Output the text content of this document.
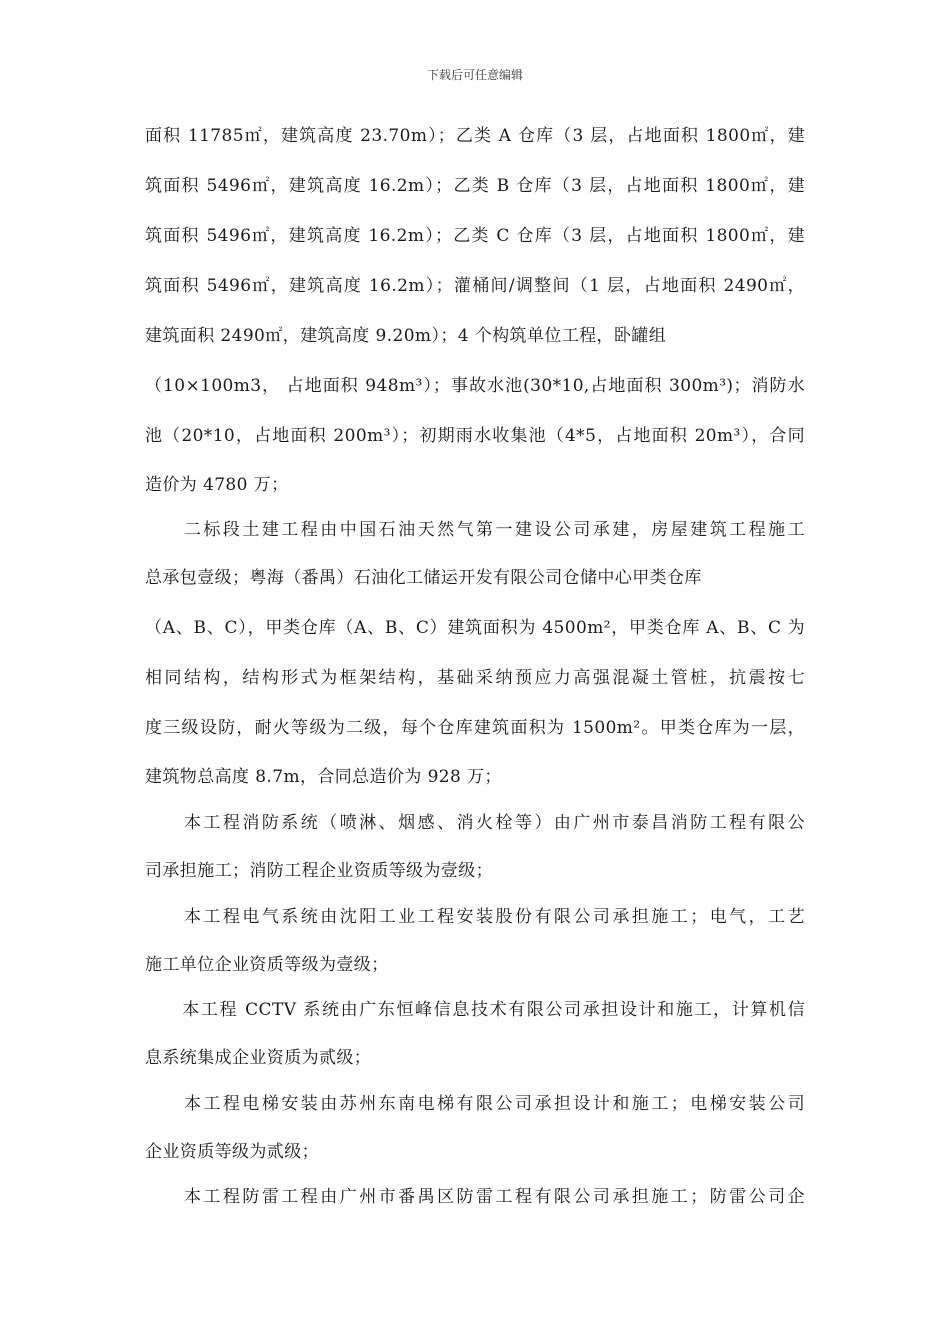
下载后可任意编辑
面积 11785㎡，建筑高度 23.70m）；乙类 A 仓库（3 层，占地面积 1800㎡，建
筑面积 5496㎡，建筑高度 16.2m）；乙类 B 仓库（3 层，占地面积 1800㎡，建
筑面积 5496㎡，建筑高度 16.2m）；乙类 C 仓库（3 层，占地面积 1800㎡，建
筑面积 5496㎡，建筑高度 16.2m）；灌桶间/调整间（1 层，占地面积 2490㎡，
建筑面积 2490㎡，建筑高度 9.20m）；4 个构筑单位工程，卧罐组
（10×100m3， 占地面积 948m³）；事故水池(30*10,占地面积 300m³)；消防水
池（20*10，占地面积 200m³）；初期雨水收集池（4*5，占地面积 20m³），合同
造价为 4780 万；
　　二标段土建工程由中国石油天然气第一建设公司承建，房屋建筑工程施工
总承包壹级；粤海（番禺）石油化工储运开发有限公司仓储中心甲类仓库
（A、B、C），甲类仓库（A、B、C）建筑面积为 4500m²，甲类仓库 A、B、C 为
相同结构，结构形式为框架结构，基础采纳预应力高强混凝土管桩，抗震按七
度三级设防，耐火等级为二级，每个仓库建筑面积为 1500m²。甲类仓库为一层，
建筑物总高度 8.7m，合同总造价为 928 万；
　　本工程消防系统（喷淋、烟感、消火栓等）由广州市泰昌消防工程有限公
司承担施工；消防工程企业资质等级为壹级；
　　本工程电气系统由沈阳工业工程安装股份有限公司承担施工；电气，工艺
施工单位企业资质等级为壹级；
　　本工程 CCTV 系统由广东恒峰信息技术有限公司承担设计和施工，计算机信
息系统集成企业资质为贰级；
　　本工程电梯安装由苏州东南电梯有限公司承担设计和施工；电梯安装公司
企业资质等级为贰级；
　　本工程防雷工程由广州市番禺区防雷工程有限公司承担施工；防雷公司企
